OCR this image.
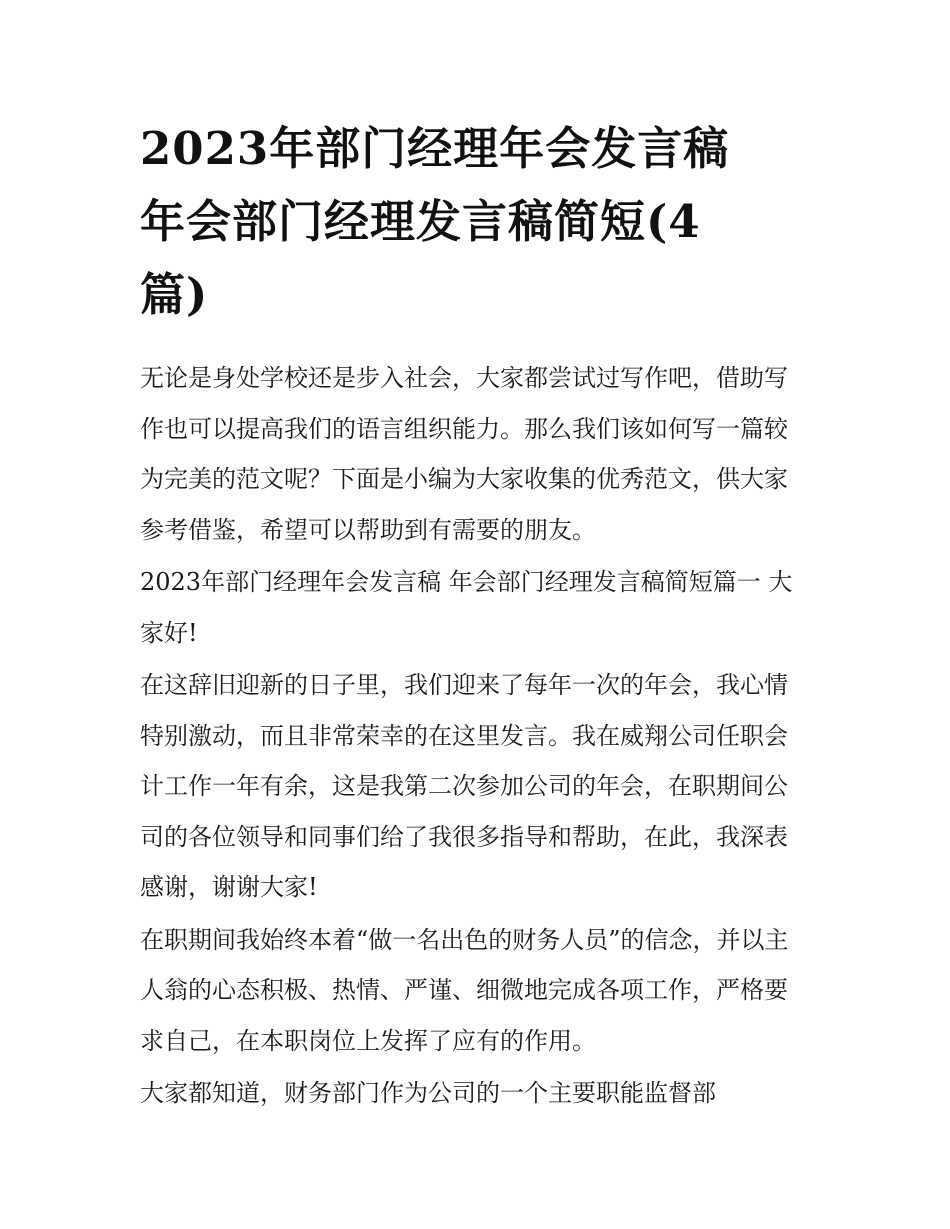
2023年部门经理年会发言稿
年会部门经理发言稿简短(4
篇)

无论是身处学校还是步入社会，大家都尝试过写作吧，借助写
作也可以提高我们的语言组织能力。那么我们该如何写一篇较
为完美的范文呢？下面是小编为大家收集的优秀范文，供大家
参考借鉴，希望可以帮助到有需要的朋友。

2023年部门经理年会发言稿 年会部门经理发言稿简短篇一 大
家好!

在这辞旧迎新的日子里，我们迎来了每年一次的年会，我心情
特别激动，而且非常荣幸的在这里发言。我在威翔公司任职会
计工作一年有余，这是我第二次参加公司的年会，在职期间公
司的各位领导和同事们给了我很多指导和帮助，在此，我深表
感谢，谢谢大家!

在职期间我始终本着“做一名出色的财务人员”的信念，并以主
人翁的心态积极、热情、严谨、细微地完成各项工作，严格要
求自己，在本职岗位上发挥了应有的作用。

大家都知道，财务部门作为公司的一个主要职能监督部
